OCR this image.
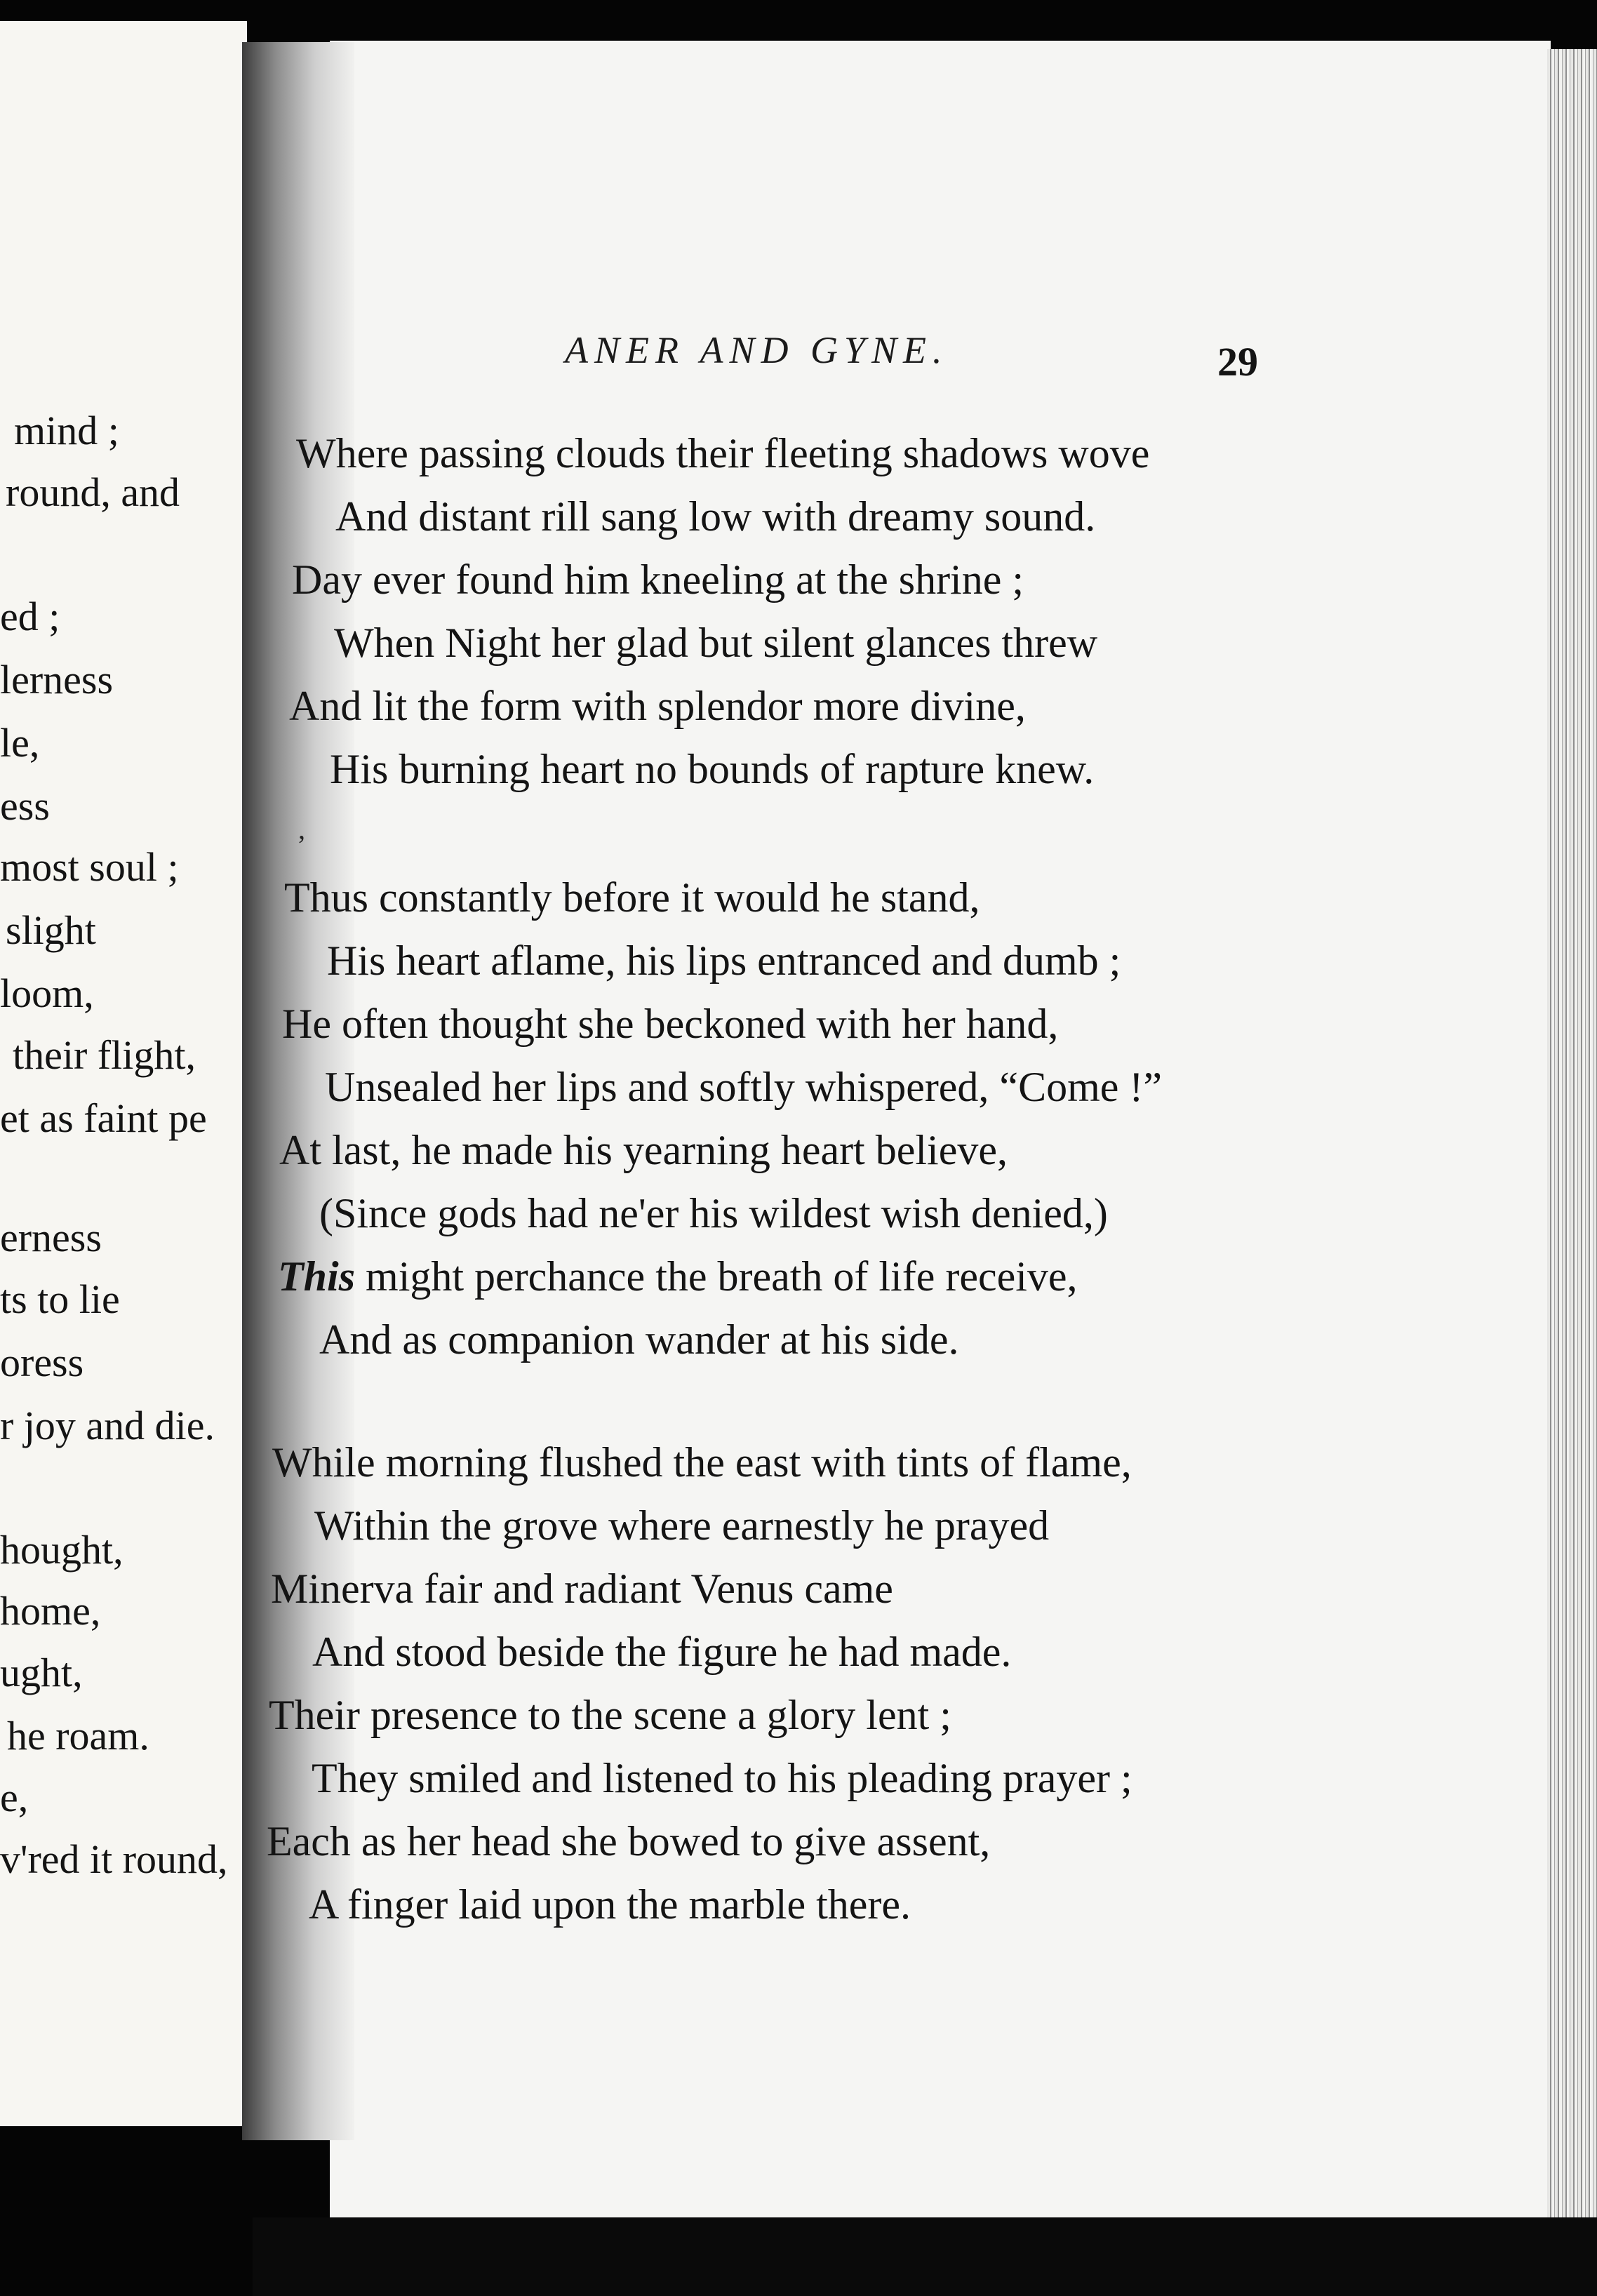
mind ;
round, and
ed ;
lerness
le,
ess
most soul ;
slight
loom,
their flight,
et as faint pe
erness
ts to lie
oress
r joy and die.
hought,
home,
ught,
he roam.
e,
v'red it round,
ANER AND GYNE.	29
Where passing clouds their fleeting shadows wove
And distant rill sang low with dreamy sound.
Day ever found him kneeling at the shrine ;
When Night her glad but silent glances threw
And lit the form with splendor more divine,
His burning heart no bounds of rapture knew.
,
Thus constantly before it would he stand,
His heart aflame, his lips entranced and dumb ;
He often thought she beckoned with her hand,
Unsealed her lips and softly whispered, “Come !”
At last, he made his yearning heart believe,
(Since gods had ne'er his wildest wish denied,)
This might perchance the breath of life receive,
And as companion wander at his side.
While morning flushed the east with tints of flame,
Within the grove where earnestly he prayed
Minerva fair and radiant Venus came
And stood beside the figure he had made.
Their presence to the scene a glory lent ;
They smiled and listened to his pleading prayer ;
Each as her head she bowed to give assent,
A finger laid upon the marble there.
